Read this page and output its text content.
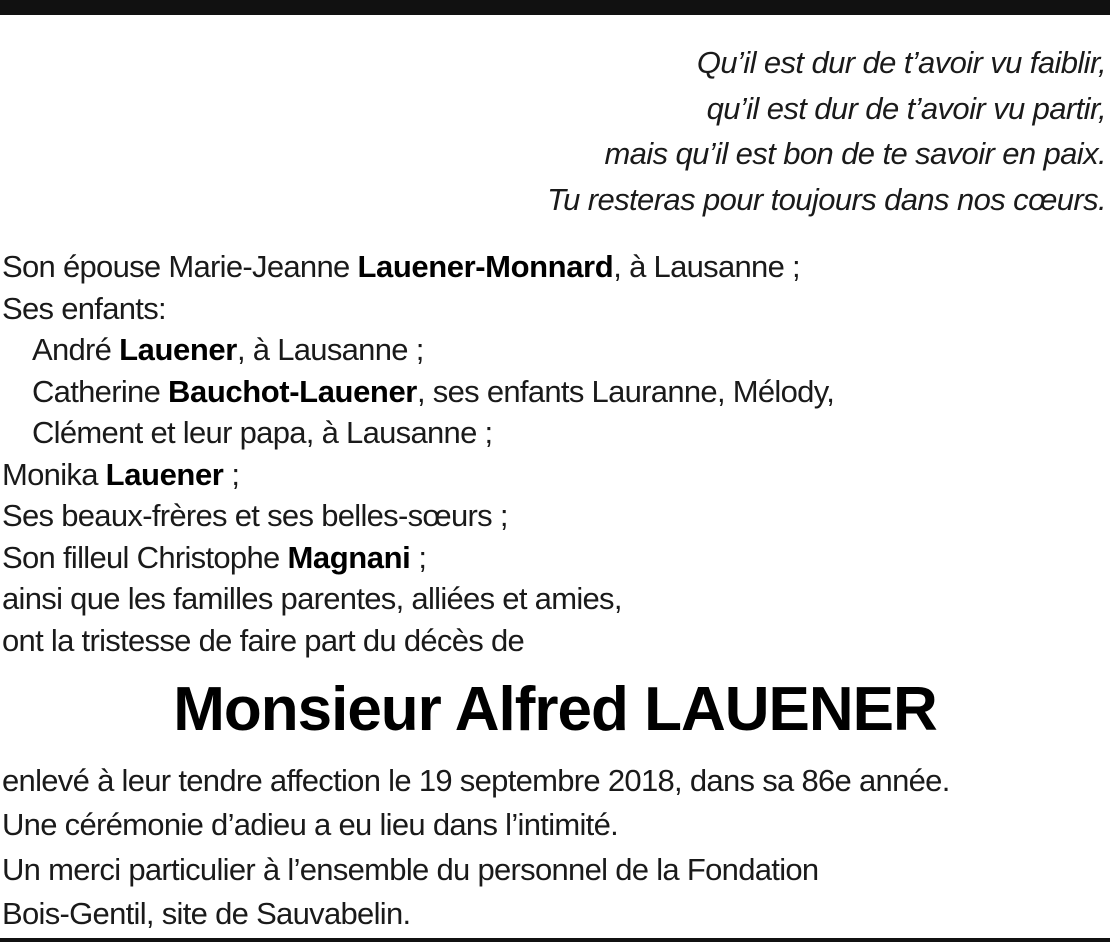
Qu’il est dur de t’avoir vu faiblir,
qu’il est dur de t’avoir vu partir,
mais qu’il est bon de te savoir en paix.
Tu resteras pour toujours dans nos cœurs.
Son épouse Marie-Jeanne Lauener-Monnard, à Lausanne ;
Ses enfants:
André Lauener, à Lausanne ;
Catherine Bauchot-Lauener, ses enfants Lauranne, Mélody,
Clément et leur papa, à Lausanne ;
Monika Lauener ;
Ses beaux-frères et ses belles-sœurs ;
Son filleul Christophe Magnani ;
ainsi que les familles parentes, alliées et amies,
ont la tristesse de faire part du décès de
Monsieur Alfred LAUENER
enlevé à leur tendre affection le 19 septembre 2018, dans sa 86e année.
Une cérémonie d’adieu a eu lieu dans l’intimité.
Un merci particulier à l’ensemble du personnel de la Fondation
Bois-Gentil, site de Sauvabelin.
